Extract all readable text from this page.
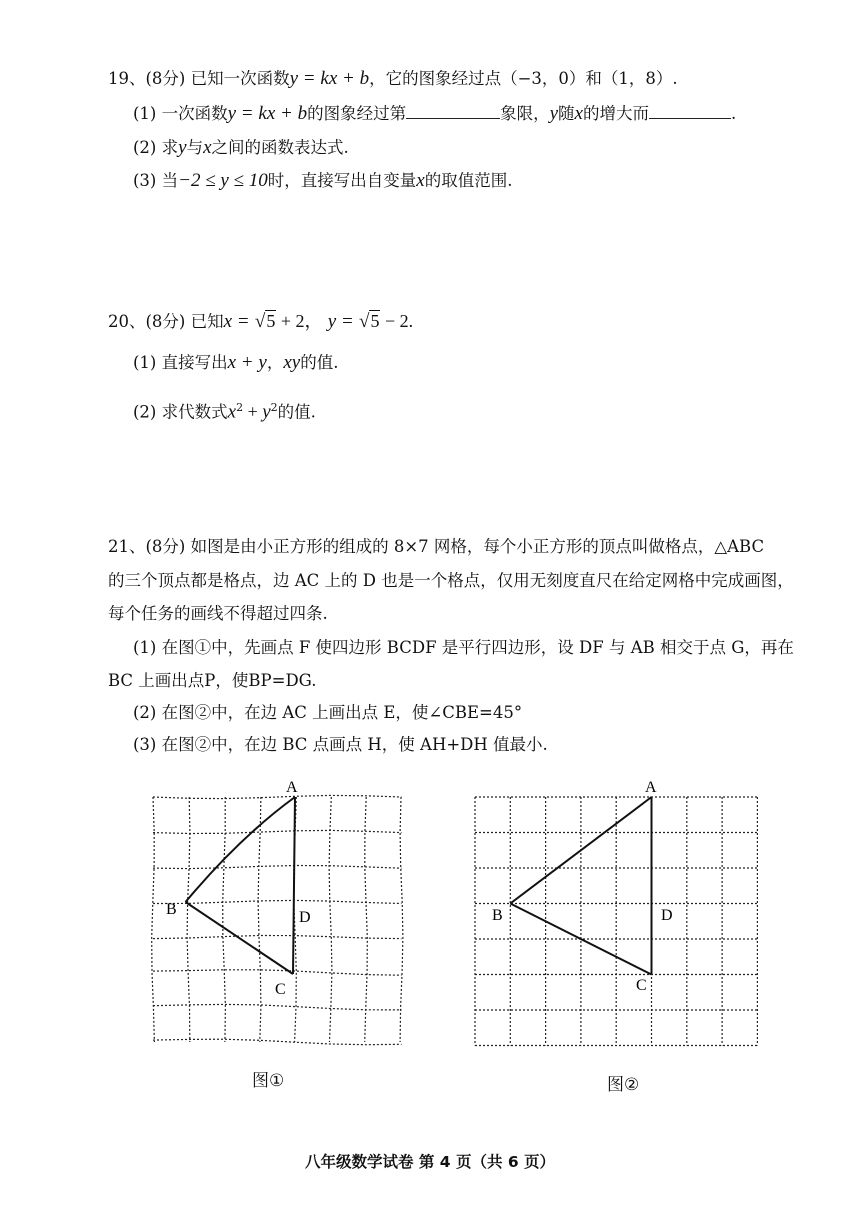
19、(8分) 已知一次函数y = kx + b，它的图象经过点（−3，0）和（1，8）.
(1) 一次函数y = kx + b的图象经过第	象限，y随x的增大而	.
(2) 求y与x之间的函数表达式.
(3) 当−2 ≤ y ≤ 10时，直接写出自变量x的取值范围.
20、(8分) 已知x = √5 + 2， y = √5 − 2.
(1) 直接写出x + y，xy的值.
(2) 求代数式$x^2 + y^2$的值.
21、(8分) 如图是由小正方形的组成的 8×7 网格，每个小正方形的顶点叫做格点，△ABC
的三个顶点都是格点，边 AC 上的 D 也是一个格点，仅用无刻度直尺在给定网格中完成画图，
每个任务的画线不得超过四条.
(1) 在图①中，先画点 F 使四边形 BCDF 是平行四边形，设 DF 与 AB 相交于点 G，再在
BC 上画出点P，使BP=DG.
(2) 在图②中，在边 AC 上画出点 E，使∠CBE=45°
(3) 在图②中，在边 BC 点画点 H，使 AH+DH 值最小.
A
B
C
D
A
B
C
D
图①	图②
八年级数学试卷 第 4 页（共 6 页）
